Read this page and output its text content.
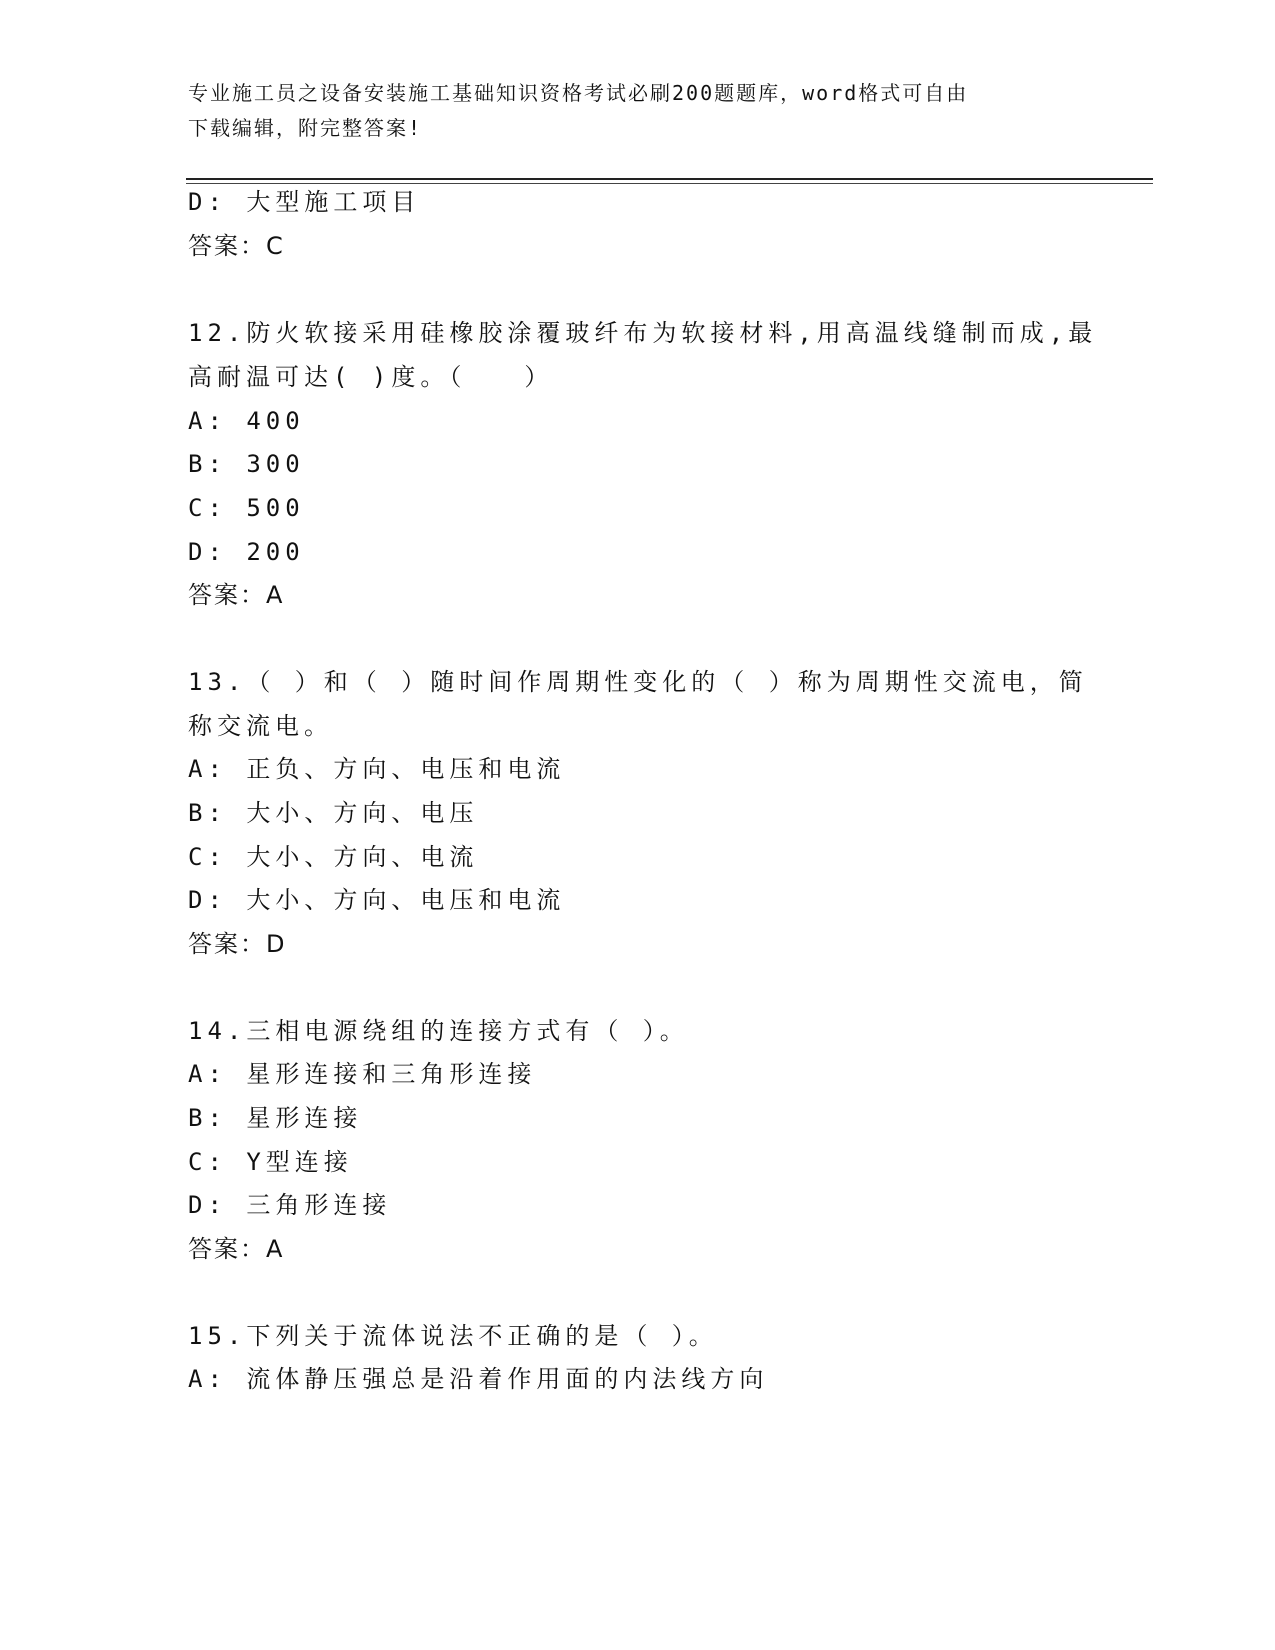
专业施工员之设备安装施工基础知识资格考试必刷200题题库，word格式可自由
下载编辑，附完整答案!
D: 大型施工项目
答案：C
12.防火软接采用硅橡胶涂覆玻纤布为软接材料,用高温线缝制而成,最
高耐温可达( )度。（　　）
A: 400
B: 300
C: 500
D: 200
答案：A
13.（ ）和（ ）随时间作周期性变化的（ ）称为周期性交流电，简
称交流电。
A: 正负、方向、电压和电流
B: 大小、方向、电压
C: 大小、方向、电流
D: 大小、方向、电压和电流
答案：D
14.三相电源绕组的连接方式有（ ）。
A: 星形连接和三角形连接
B: 星形连接
C: Y型连接
D: 三角形连接
答案：A
15.下列关于流体说法不正确的是（ ）。
A: 流体静压强总是沿着作用面的内法线方向
